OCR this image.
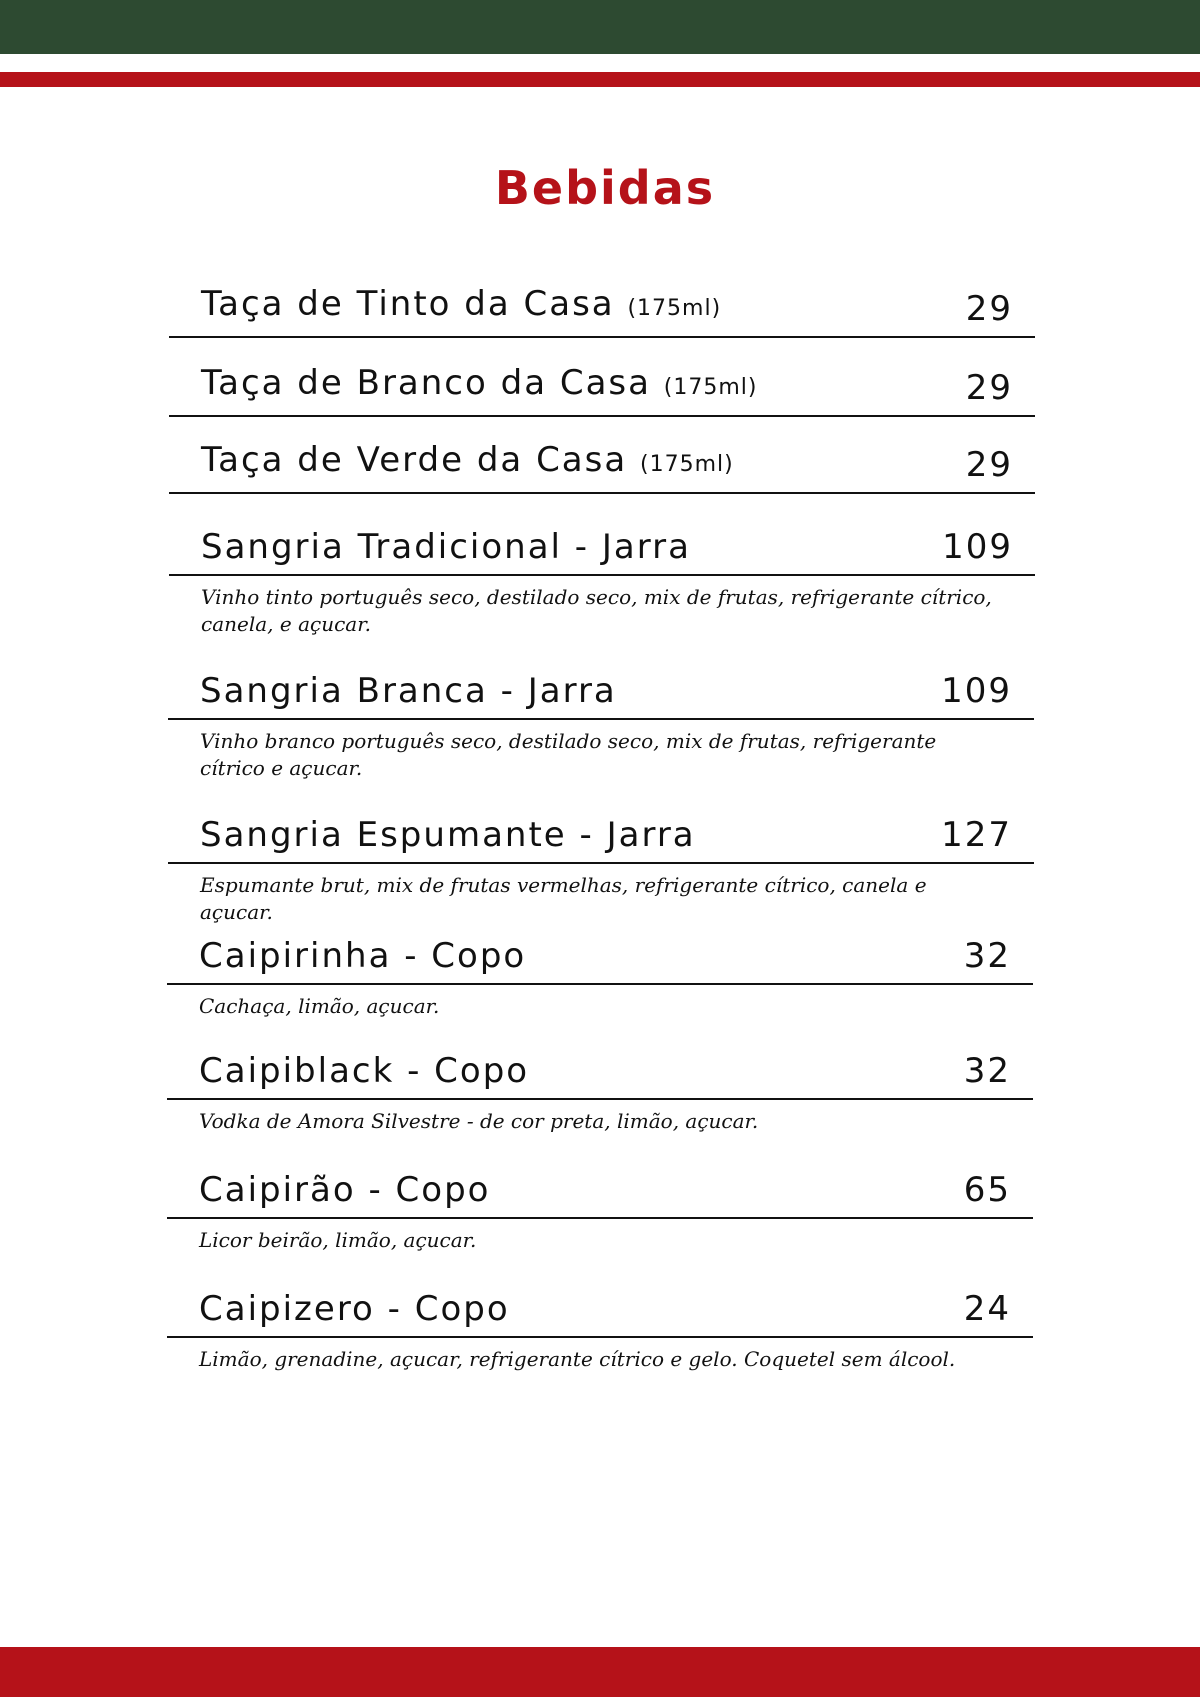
Bebidas
Taça de Tinto da Casa (175ml)	29
Taça de Branco da Casa (175ml)	29
Taça de Verde da Casa (175ml)	29
Sangria Tradicional - Jarra	109
Vinho tinto português seco, destilado seco, mix de frutas, refrigerante cítrico, canela, e açucar.
Sangria Branca - Jarra	109
Vinho branco português seco, destilado seco, mix de frutas, refrigerante cítrico e açucar.
Sangria Espumante - Jarra	127
Espumante brut, mix de frutas vermelhas, refrigerante cítrico, canela e açucar.
Caipirinha - Copo	32
Cachaça, limão, açucar.
Caipiblack - Copo	32
Vodka de Amora Silvestre - de cor preta, limão, açucar.
Caipirão - Copo	65
Licor beirão, limão, açucar.
Caipizero - Copo	24
Limão, grenadine, açucar, refrigerante cítrico e gelo. Coquetel sem álcool.
